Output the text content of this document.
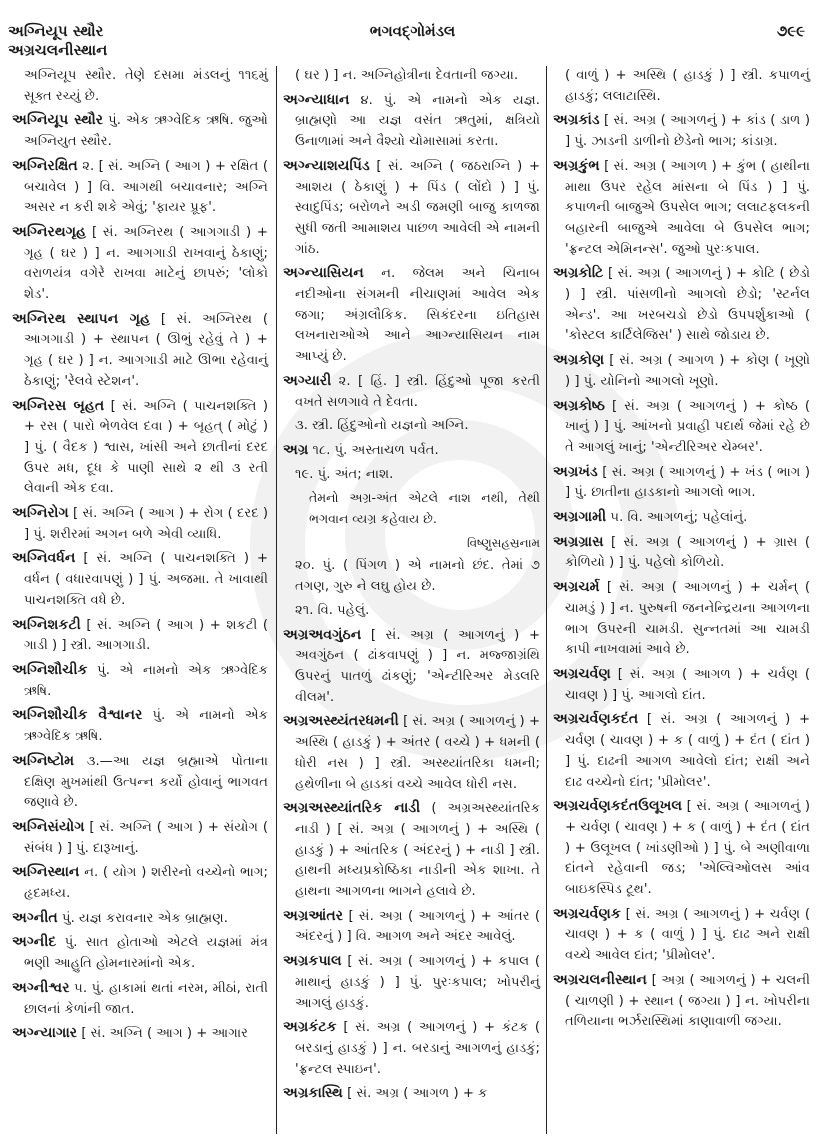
અગ્નિયૂપ સ્થૌર
અગ્રચલનીસ્થાન
ભગવદ્ગોમંડલ	૭૯૯
અગ્નિયૂપ સ્થૌર. તેણે દસમા મંડલનું ૧૧૬મું સૂક્ત રચ્યું છે.
અગ્નિયૂપ સ્થૌર પું. એક ઋગ્વેદિક ઋષિ. જુઓ અગ્નિયુત સ્થૌર.
અગ્નિરક્ષિત ૨. [ સં. અગ્નિ ( આગ ) + રક્ષિત ( બચાવેલ ) ] વિ. આગથી બચાવનાર; અગ્નિ અસર ન કરી શકે એવું; 'ફાયર પ્રૂફ'.
અગ્નિરથગૃહ [ સં. અગ્નિરથ ( આગગાડી ) + ગૃહ ( ઘર ) ] ન. આગગાડી રાખવાનું ઠેકાણું; વરાળયંત્ર વગેરે રાખવા માટેનું છાપરું; 'લોકો શેડ'.
અગ્નિરથ સ્થાપન ગૃહ [ સં. અગ્નિરથ ( આગગાડી ) + સ્થાપન ( ઊભું રહેવું તે ) + ગૃહ ( ઘર ) ] ન. આગગાડી માટે ઊભા રહેવાનું ઠેકાણું; 'રેલવે સ્ટેશન'.
અગ્નિરસ બૃહત [ સં. અગ્નિ ( પાચનશક્તિ ) + રસ ( પારો ભેળવેલ દવા ) + બૃહત્ ( મોટું ) ] પું. ( વૈદક ) શ્વાસ, ખાંસી અને છાતીનાં દરદ ઉપર મધ, દૂધ કે પાણી સાથે ૨ થી ૩ રતી લેવાની એક દવા.
અગ્નિરોગ [ સં. અગ્નિ ( આગ ) + રોગ ( દરદ ) ] પું. શરીરમાં અગન બળે એવી વ્યાધિ.
અગ્નિવર્ધન [ સં. અગ્નિ ( પાચનશક્તિ ) + વર્ધન ( વધારવાપણું ) ] પું. અજમા. તે ખાવાથી પાચનશક્તિ વધે છે.
અગ્નિશકટી [ સં. અગ્નિ ( આગ ) + શકટી ( ગાડી ) ] સ્ત્રી. આગગાડી.
અગ્નિશૌચીક પું. એ નામનો એક ઋગ્વેદિક ઋષિ.
અગ્નિશૌચીક વૈશ્વાનર પું. એ નામનો એક ઋગ્વેદિક ઋષિ.
અગ્નિષ્ટોમ ૩.—આ યજ્ઞ બ્રહ્માએ પોતાના દક્ષિણ મુખમાંથી ઉત્પન્ન કર્યો હોવાનું ભાગવત જણાવે છે.
અગ્નિસંયોગ [ સં. અગ્નિ ( આગ ) + સંયોગ ( સંબંધ ) ] પું. દારૂખાનું.
અગ્નિસ્થાન ન. ( યોગ ) શરીરનો વચ્ચેનો ભાગ; હૃદમધ્ય.
અગ્નીત પું. યજ્ઞ કરાવનાર એક બ્રાહ્મણ.
અગ્નીદ પું. સાત હોતાઓ એટલે યજ્ઞમાં મંત્ર ભણી આહુતિ હોમનારમાંનો એક.
અગ્નીશ્વર ૫. પું. હાકામાં થતાં નરમ, મીઠાં, રાતી છાલનાં કેળાંની જાત.
અગ્ન્યાગાર [ સં. અગ્નિ ( આગ ) + આગાર
( ઘર ) ] ન. અગ્નિહોત્રીના દેવતાની જગ્યા.
અગ્ન્યાધાન ૪. પું. એ નામનો એક યજ્ઞ. બ્રાહ્મણો આ યજ્ઞ વસંત ઋતુમાં, ક્ષત્રિયો ઉનાળામાં અને વૈશ્યો ચોમાસામાં કરતા.
અગ્ન્યાશયપિંડ [ સં. અગ્નિ ( જઠરાગ્નિ ) + આશય ( ઠેકાણું ) + પિંડ ( લોંદો ) ] પું. સ્વાદુપિંડ; બરોળને અડી જમણી બાજુ કાળજા સુધી જતી આમાશય પાછળ આવેલી એ નામની ગાંઠ.
અગ્ન્યાસિયન ન. જેલમ અને ચિનાબ નદીઓના સંગમની નીચાણમાં આવેલ એક જગા; અંગ્રલૌકિક. સિકંદરના ઇતિહાસ લખનારાઓએ આને આગ્ન્યાસિયન નામ આપ્યું છે.
અગ્યારી ૨. [ હિં. ] સ્ત્રી. હિંદુઓ પૂજા કરતી વખતે સળગાવે તે દેવતા.
૩. સ્ત્રી. હિંદુઓનો યજ્ઞનો અગ્નિ.
અગ્ર ૧૮. પું. અસ્તાચળ પર્વત.
૧૯. પું. અંત; નાશ.
તેમનો અગ્ર-અંત એટલે નાશ નથી, તેથી ભગવાન વ્યગ્ર કહેવાય છે.
વિષ્ણુસહસ્રનામ
૨૦. પું. ( પિંગળ ) એ નામનો છંદ. તેમાં ૭ તગણ, ગુરુ ને લઘુ હોય છે.
૨૧. વિ. પહેલું.
અગ્રઅવગુંઠન [ સં. અગ્ર ( આગળનું ) + અવગુંઠન ( ઢાંકવાપણું ) ] ન. મજ્જાગ્રંથિ ઉપરનું પાતળું ઢાંકણું; 'એન્ટીરિઅર મેડલરિ વીલમ'.
અગ્રઅસ્થ્યંતરધમની [ સં. અગ્ર ( આગળનું ) + અસ્થિ ( હાડકું ) + અંતર ( વચ્ચે ) + ધમની ( ધોરી નસ ) ] સ્ત્રી. અસ્થ્યાંતરિકા ધમની; હથેળીના બે હાડકાં વચ્ચે આવેલ ધોરી નસ.
અગ્રઅસ્થ્યાંતરિક નાડી ( અગ્રઅસ્થ્યાંતરિક નાડી ) [ સં. અગ્ર ( આગળનું ) + અસ્થિ ( હાડકું ) + આંતરિક ( અંદરનું ) + નાડી ] સ્ત્રી. હાથની મધ્યપ્રકોષ્ઠિકા નાડીની એક શાખા. તે હાથના આગળના ભાગને હલાવે છે.
અગ્રઆંતર [ સં. અગ્ર ( આગળનું ) + આંતર ( અંદરનું ) ] વિ. આગળ અને અંદર આવેલું.
અગ્રકપાલ [ સં. અગ્ર ( આગળનું ) + કપાલ ( માથાનું હાડકું ) ] પું. પુરઃકપાલ; ખોપરીનું આગલું હાડકું.
અગ્રકંટક [ સં. અગ્ર ( આગળનું ) + કંટક ( બરડાનું હાડકું ) ] ન. બરડાનું આગળનું હાડકું; 'ફ્રન્ટલ સ્પાઇન'.
અગ્રકાસ્થિ [ સં. અગ્ર ( આગળ ) + ક
( વાળું ) + અસ્થિ ( હાડકું ) ] સ્ત્રી. કપાળનું હાડકું; લલાટાસ્થિ.
અગ્રકાંડ [ સં. અગ્ર ( આગળનું ) + કાંડ ( ડાળ ) ] પું. ઝાડની ડાળીનો છેડેનો ભાગ; કાંડાગ્ર.
અગ્રકુંભ [ સં. અગ્ર ( આગળ ) + કુંભ ( હાથીના માથા ઉપર રહેલ માંસના બે પિંડ ) ] પું. કપાળની બાજુએ ઉપસેલ ભાગ; લલાટફલકની બહારની બાજુએ આવેલા બે ઉપસેલ ભાગ; 'ફ્રન્ટલ એમિનન્સ'. જુઓ પુરઃકપાલ.
અગ્રકોટિ [ સં. અગ્ર ( આગળનું ) + કોટિ ( છેડો ) ] સ્ત્રી. પાંસળીનો આગલો છેડો; 'સ્ટર્નલ એન્ડ'. આ ખરબચડો છેડો ઉપપર્શુકાઓ ( 'કોસ્ટલ કાર્ટિલેજિસ' ) સાથે જોડાય છે.
અગ્રકોણ [ સં. અગ્ર ( આગળ ) + કોણ ( ખૂણો ) ] પું. યોનિનો આગલો ખૂણો.
અગ્રકોષ્ઠ [ સં. અગ્ર ( આગળનું ) + કોષ્ઠ ( ખાનું ) ] પું. આંખનો પ્રવાહી પદાર્થ જેમાં રહે છે તે આગલું ખાનું; 'એન્ટીરિઅર ચેમ્બર'.
અગ્રખંડ [ સં. અગ્ર ( આગળનું ) + ખંડ ( ભાગ ) ] પું. છાતીના હાડકાનો આગલો ભાગ.
અગ્રગામી ૫. વિ. આગળનું; પહેલાંનું.
અગ્રગ્રાસ [ સં. અગ્ર ( આગળનું ) + ગ્રાસ ( કોળિયો ) ] પું. પહેલો કોળિયો.
અગ્રચર્મ [ સં. અગ્ર ( આગળનું ) + ચર્મન્ ( ચામડું ) ] ન. પુરુષની જનનેન્દ્રિયના આગળના ભાગ ઉપરની ચામડી. સુન્નતમાં આ ચામડી કાપી નાખવામાં આવે છે.
અગ્રચર્વણ [ સં. અગ્ર ( આગળ ) + ચર્વણ ( ચાવણ ) ] પું. આગલો દાંત.
અગ્રચર્વણકદંત [ સં. અગ્ર ( આગળનું ) + ચર્વણ ( ચાવણ ) + ક ( વાળું ) + દંત ( દાંત ) ] પું. દાઢની આગળ આવેલો દાંત; રાક્ષી અને દાઢ વચ્ચેનો દાંત; 'પ્રીમોલર'.
અગ્રચર્વણકદંતઉલૂખલ [ સં. અગ્ર ( આગળનું ) + ચર્વણ ( ચાવણ ) + ક ( વાળું ) + દંત ( દાંત ) + ઉલૂખલ ( ખાંડણીઓ ) ] પું. બે અણીવાળા દાંતને રહેવાની જડ; 'એલ્વિઓલસ આંવ બાઇકસ્પિડ ટૂથ'.
અગ્રચર્વણક [ સં. અગ્ર ( આગળનું ) + ચર્વણ ( ચાવણ ) + ક ( વાળું ) ] પું. દાઢ અને રાક્ષી વચ્ચે આવેલ દાંત; 'પ્રીમોલર'.
અગ્રચલનીસ્થાન [ અગ્ર ( આગળનું ) + ચલની ( ચાળણી ) + સ્થાન ( જગ્યા ) ] ન. ખોપરીના તળિયાના ભર્ઝરાસ્થિમાં કાણાવાળી જગ્યા.
